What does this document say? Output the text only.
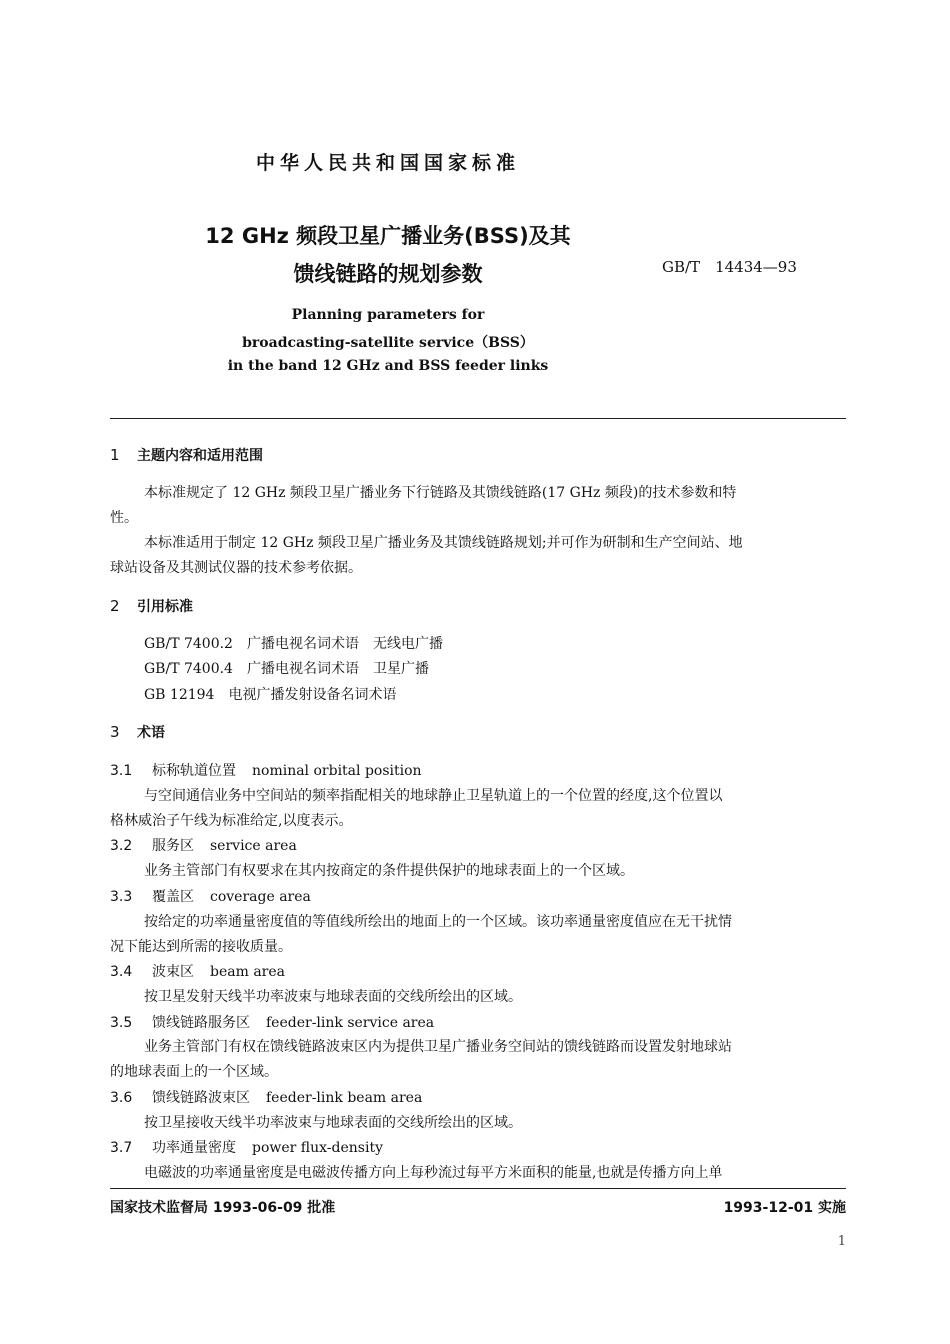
中华人民共和国国家标准
12 GHz 频段卫星广播业务(BSS)及其
馈线链路的规划参数	GB/T　14434—93
Planning parameters for
broadcasting-satellite service（BSS）
in the band 12 GHz and BSS feeder links
1 主题内容和适用范围
本标准规定了 12 GHz 频段卫星广播业务下行链路及其馈线链路(17 GHz 频段)的技术参数和特
性。
本标准适用于制定 12 GHz 频段卫星广播业务及其馈线链路规划;并可作为研制和生产空间站、地
球站设备及其测试仪器的技术参考依据。
2 引用标准
GB/T 7400.2 广播电视名词术语　无线电广播
GB/T 7400.4 广播电视名词术语　卫星广播
GB 12194 电视广播发射设备名词术语
3 术语
3.1 标称轨道位置 nominal orbital position
与空间通信业务中空间站的频率指配相关的地球静止卫星轨道上的一个位置的经度,这个位置以
格林威治子午线为标准给定,以度表示。
3.2 服务区 service area
业务主管部门有权要求在其内按商定的条件提供保护的地球表面上的一个区域。
3.3 覆盖区 coverage area
按给定的功率通量密度值的等值线所绘出的地面上的一个区域。该功率通量密度值应在无干扰情
况下能达到所需的接收质量。
3.4 波束区 beam area
按卫星发射天线半功率波束与地球表面的交线所绘出的区域。
3.5 馈线链路服务区 feeder-link service area
业务主管部门有权在馈线链路波束区内为提供卫星广播业务空间站的馈线链路而设置发射地球站
的地球表面上的一个区域。
3.6 馈线链路波束区 feeder-link beam area
按卫星接收天线半功率波束与地球表面的交线所绘出的区域。
3.7 功率通量密度 power flux-density
电磁波的功率通量密度是电磁波传播方向上每秒流过每平方米面积的能量,也就是传播方向上单
国家技术监督局 1993-06-09 批准	1993-12-01 实施
1
